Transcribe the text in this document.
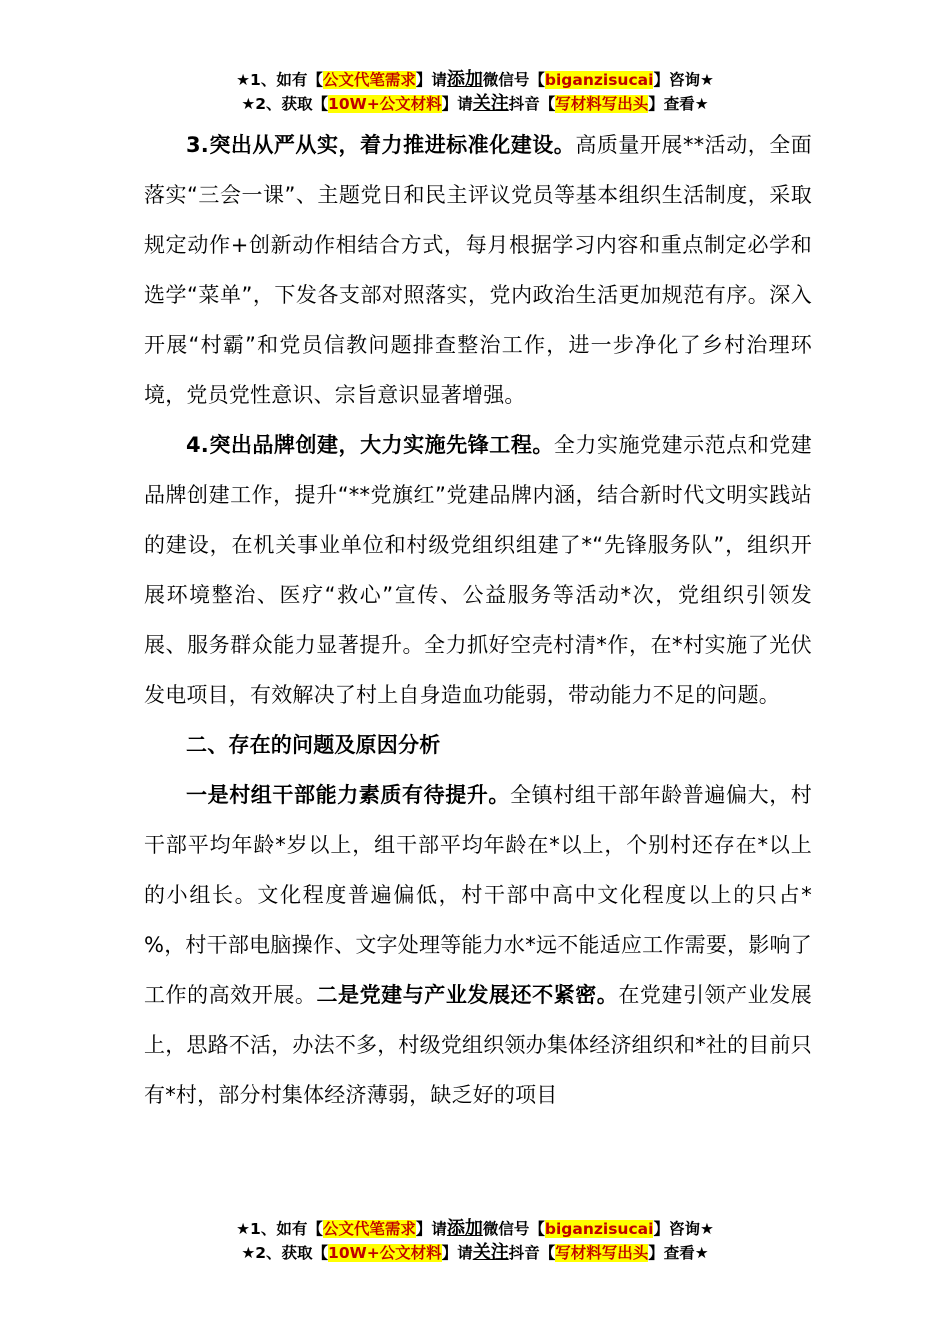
★1、如有【公文代笔需求】请添加微信号【biganzisucai】咨询★
★2、获取【10W+公文材料】请关注抖音【写材料写出头】查看★

3.突出从严从实，着力推进标准化建设。高质量开展**活动，全面落实“三会一课”、主题党日和民主评议党员等基本组织生活制度，采取规定动作+创新动作相结合方式，每月根据学习内容和重点制定必学和选学“菜单”，下发各支部对照落实，党内政治生活更加规范有序。深入开展“村霸”和党员信教问题排查整治工作，进一步净化了乡村治理环境，党员党性意识、宗旨意识显著增强。

4.突出品牌创建，大力实施先锋工程。全力实施党建示范点和党建品牌创建工作，提升“**党旗红”党建品牌内涵，结合新时代文明实践站的建设，在机关事业单位和村级党组织组建了*“先锋服务队”，组织开展环境整治、医疗“救心”宣传、公益服务等活动*次，党组织引领发展、服务群众能力显著提升。全力抓好空壳村清*作，在*村实施了光伏发电项目，有效解决了村上自身造血功能弱，带动能力不足的问题。

二、存在的问题及原因分析

一是村组干部能力素质有待提升。全镇村组干部年龄普遍偏大，村干部平均年龄*岁以上，组干部平均年龄在*以上，个别村还存在*以上的小组长。文化程度普遍偏低，村干部中高中文化程度以上的只占* %，村干部电脑操作、文字处理等能力水*远不能适应工作需要，影响了工作的高效开展。二是党建与产业发展还不紧密。在党建引领产业发展上，思路不活，办法不多，村级党组织领办集体经济组织和*社的目前只有*村，部分村集体经济薄弱，缺乏好的项目

★1、如有【公文代笔需求】请添加微信号【biganzisucai】咨询★
★2、获取【10W+公文材料】请关注抖音【写材料写出头】查看★
